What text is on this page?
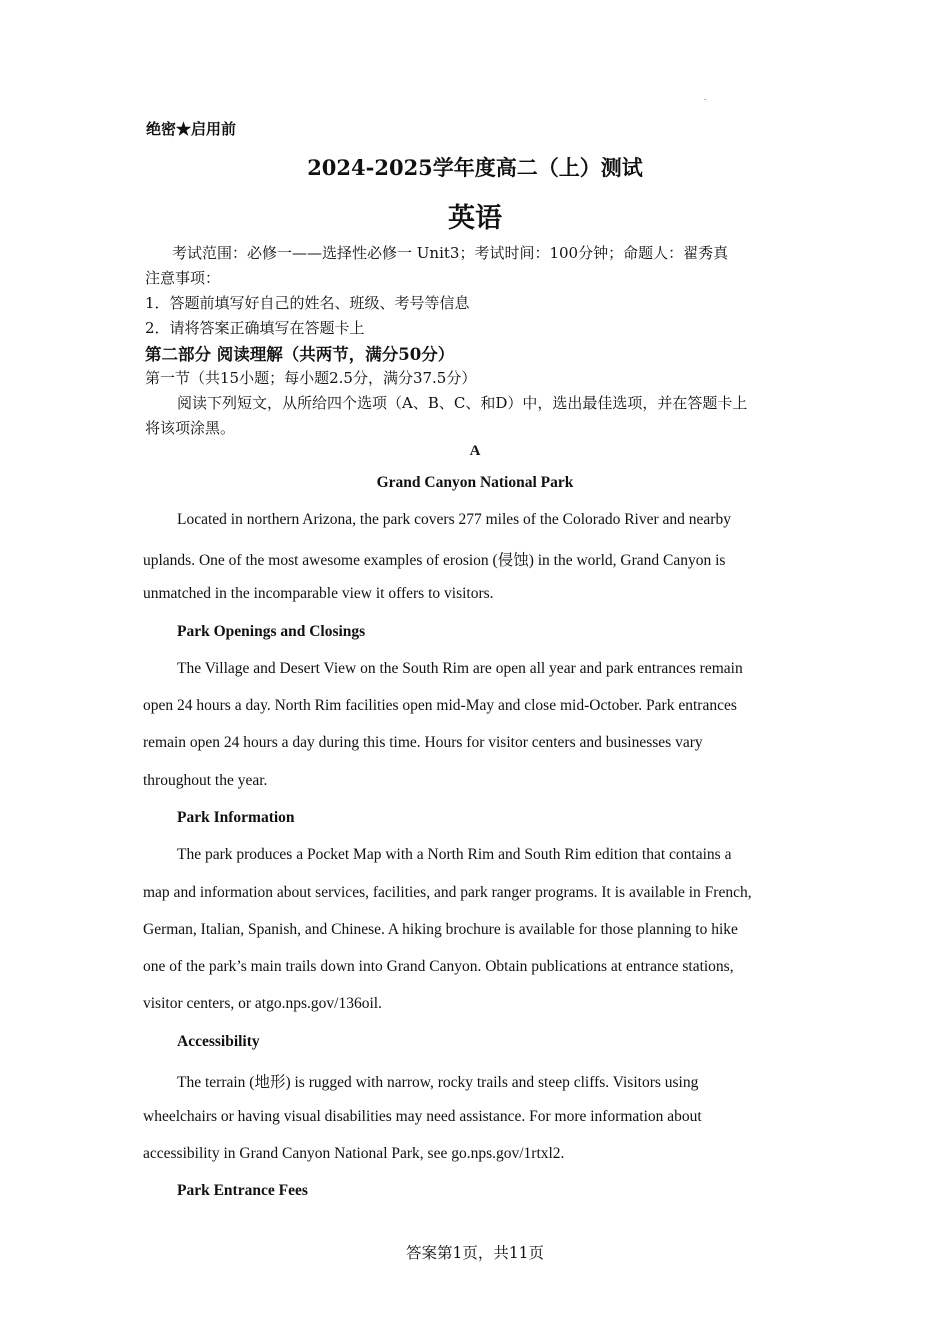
.
绝密★启用前
2024-2025学年度高二（上）测试
英语
考试范围：必修一——选择性必修一 Unit3；考试时间：100分钟；命题人：翟秀真
注意事项：
1．答题前填写好自己的姓名、班级、考号等信息
2．请将答案正确填写在答题卡上
第二部分 阅读理解（共两节，满分50分）
第一节（共15小题；每小题2.5分，满分37.5分）
阅读下列短文，从所给四个选项（A、B、C、和D）中，选出最佳选项，并在答题卡上
将该项涂黑。
A
Grand Canyon National Park
Located in northern Arizona, the park covers 277 miles of the Colorado River and nearby
uplands. One of the most awesome examples of erosion (侵蚀) in the world, Grand Canyon is
unmatched in the incomparable view it offers to visitors.
Park Openings and Closings
The Village and Desert View on the South Rim are open all year and park entrances remain
open 24 hours a day. North Rim facilities open mid-May and close mid-October. Park entrances
remain open 24 hours a day during this time. Hours for visitor centers and businesses vary
throughout the year.
Park Information
The park produces a Pocket Map with a North Rim and South Rim edition that contains a
map and information about services, facilities, and park ranger programs. It is available in French,
German, Italian, Spanish, and Chinese. A hiking brochure is available for those planning to hike
one of the park’s main trails down into Grand Canyon. Obtain publications at entrance stations,
visitor centers, or atgo.nps.gov/136oil.
Accessibility
The terrain (地形) is rugged with narrow, rocky trails and steep cliffs. Visitors using
wheelchairs or having visual disabilities may need assistance. For more information about
accessibility in Grand Canyon National Park, see go.nps.gov/1rtxl2.
Park Entrance Fees
答案第1页，共11页
